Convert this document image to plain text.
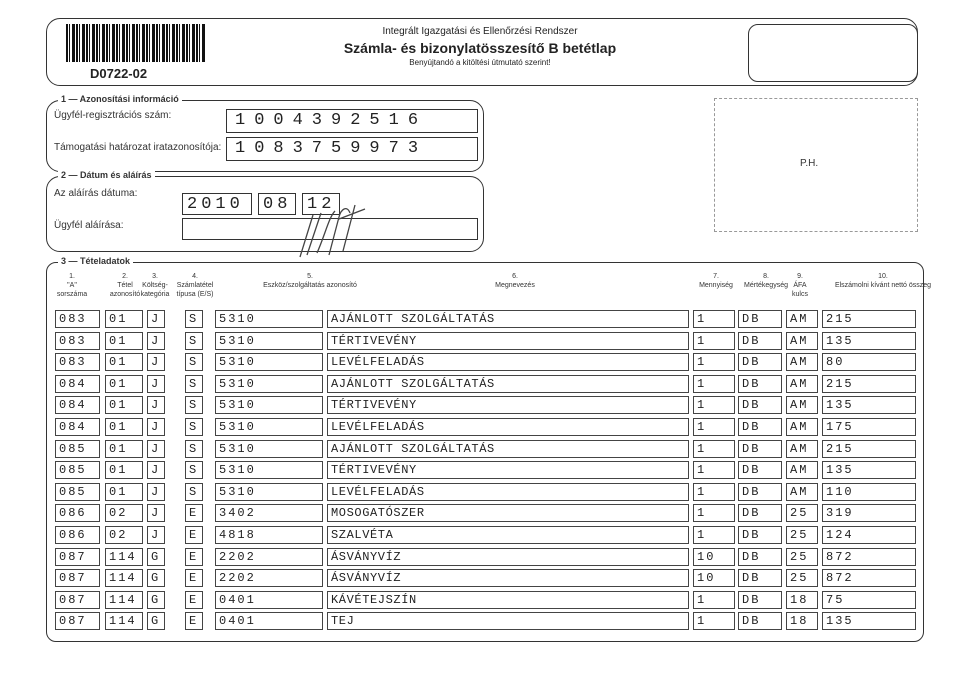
D0722-02
Integrált Igazgatási és Ellenőrzési Rendszer
Számla- és bizonylatösszesítő B betétlap
Benyújtandó a kitöltési útmutató szerint!
1 — Azonosítási információ
Ügyfél-regisztrációs szám:	1004392516
Támogatási határozat iratazonosítója: 1083759973
2 — Dátum és aláírás
Az aláírás dátuma:
2010	08 12
Ügyfél aláírása:
P.H.
3 — Tételadatok
1.
"A"
sorszáma
2.
Tétel
azonosító
3.
Költség-
kategória
4.
Számlatétel
típusa (E/S)
5.
Eszköz/szolgáltatás azonosító
6.
Megnevezés
7.
Mennyiség
8.
Mértékegység
9.
ÁFA
kulcs
10.
Elszámolni kívánt nettó összeg
083	01	J	S	5310	AJÁNLOTT SZOLGÁLTATÁS	1	DB	AM	215
083	01	J	S	5310	TÉRTIVEVÉNY	1	DB	AM	135
083	01	J	S	5310	LEVÉLFELADÁS	1	DB	AM	80
084	01	J	S	5310	AJÁNLOTT SZOLGÁLTATÁS	1	DB	AM	215
084	01	J	S	5310	TÉRTIVEVÉNY	1	DB	AM	135
084	01	J	S	5310	LEVÉLFELADÁS	1	DB	AM	175
085	01	J	S	5310	AJÁNLOTT SZOLGÁLTATÁS	1	DB	AM	215
085	01	J	S	5310	TÉRTIVEVÉNY	1	DB	AM	135
085	01	J	S	5310	LEVÉLFELADÁS	1	DB	AM	110
086	02	J	E	3402	MOSOGATÓSZER	1	DB	25	319
086	02	J	E	4818	SZALVÉTA	1	DB	25	124
087	114	G	E	2202	ÁSVÁNYVÍZ	10	DB	25	872
087	114	G	E	2202	ÁSVÁNYVÍZ	10	DB	25	872
087	114	G	E	0401	KÁVÉTEJSZÍN	1	DB	18	75
087	114	G	E	0401	TEJ	1	DB	18	135
